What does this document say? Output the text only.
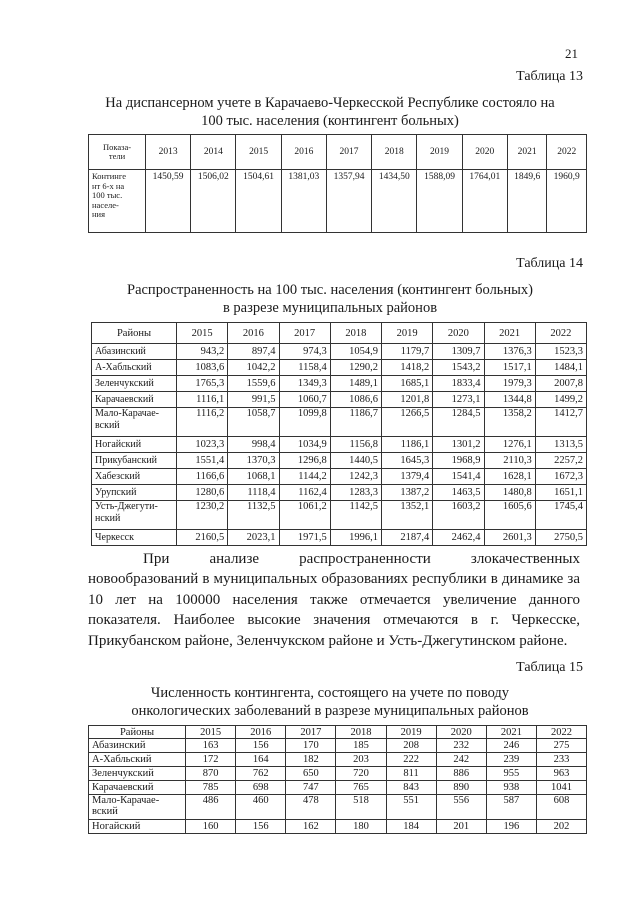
21
Таблица 13
На диспансерном учете в Карачаево-Черкесской Республике состояло на
100 тыс. населения (контингент больных)
Показа-
тели	2013	2014	2015	2016	2017	2018	2019	2020	2021	2022
Континге
нт 6-х на
100 тыс.
населе-
ния	1450,59	1506,02	1504,61	1381,03	1357,94	1434,50	1588,09	1764,01	1849,6	1960,9
Таблица 14
Распространенность на 100 тыс. населения (контингент больных)
в разрезе муниципальных районов
Районы	2015	2016	2017	2018	2019	2020	2021	2022
Абазинский	943,2	897,4	974,3	1054,9	1179,7	1309,7	1376,3	1523,3
А-Хабльский	1083,6	1042,2	1158,4	1290,2	1418,2	1543,2	1517,1	1484,1
Зеленчукский	1765,3	1559,6	1349,3	1489,1	1685,1	1833,4	1979,3	2007,8
Карачаевский	1116,1	991,5	1060,7	1086,6	1201,8	1273,1	1344,8	1499,2
Мало-Карачае-
вский	1116,2	1058,7	1099,8	1186,7	1266,5	1284,5	1358,2	1412,7
Ногайский	1023,3	998,4	1034,9	1156,8	1186,1	1301,2	1276,1	1313,5
Прикубанский	1551,4	1370,3	1296,8	1440,5	1645,3	1968,9	2110,3	2257,2
Хабезский	1166,6	1068,1	1144,2	1242,3	1379,4	1541,4	1628,1	1672,3
Урупский	1280,6	1118,4	1162,4	1283,3	1387,2	1463,5	1480,8	1651,1
Усть-Джегути-
нский	1230,2	1132,5	1061,2	1142,5	1352,1	1603,2	1605,6	1745,4
Черкесск	2160,5	2023,1	1971,5	1996,1	2187,4	2462,4	2601,3	2750,5
При анализе распространенности злокачественных новообразований в муниципальных образованиях республики в динамике за 10 лет на 100000 населения также отмечается увеличение данного показателя. Наиболее высокие значения отмечаются в г. Черкесске, Прикубанском районе, Зеленчукском районе и Усть-Джегутинском районе.
Таблица 15
Численность контингента, состоящего на учете по поводу
онкологических заболеваний в разрезе муниципальных районов
Районы	2015	2016	2017	2018	2019	2020	2021	2022
Абазинский	163	156	170	185	208	232	246	275
А-Хабльский	172	164	182	203	222	242	239	233
Зеленчукский	870	762	650	720	811	886	955	963
Карачаевский	785	698	747	765	843	890	938	1041
Мало-Карачае-
вский	486	460	478	518	551	556	587	608
Ногайский	160	156	162	180	184	201	196	202
